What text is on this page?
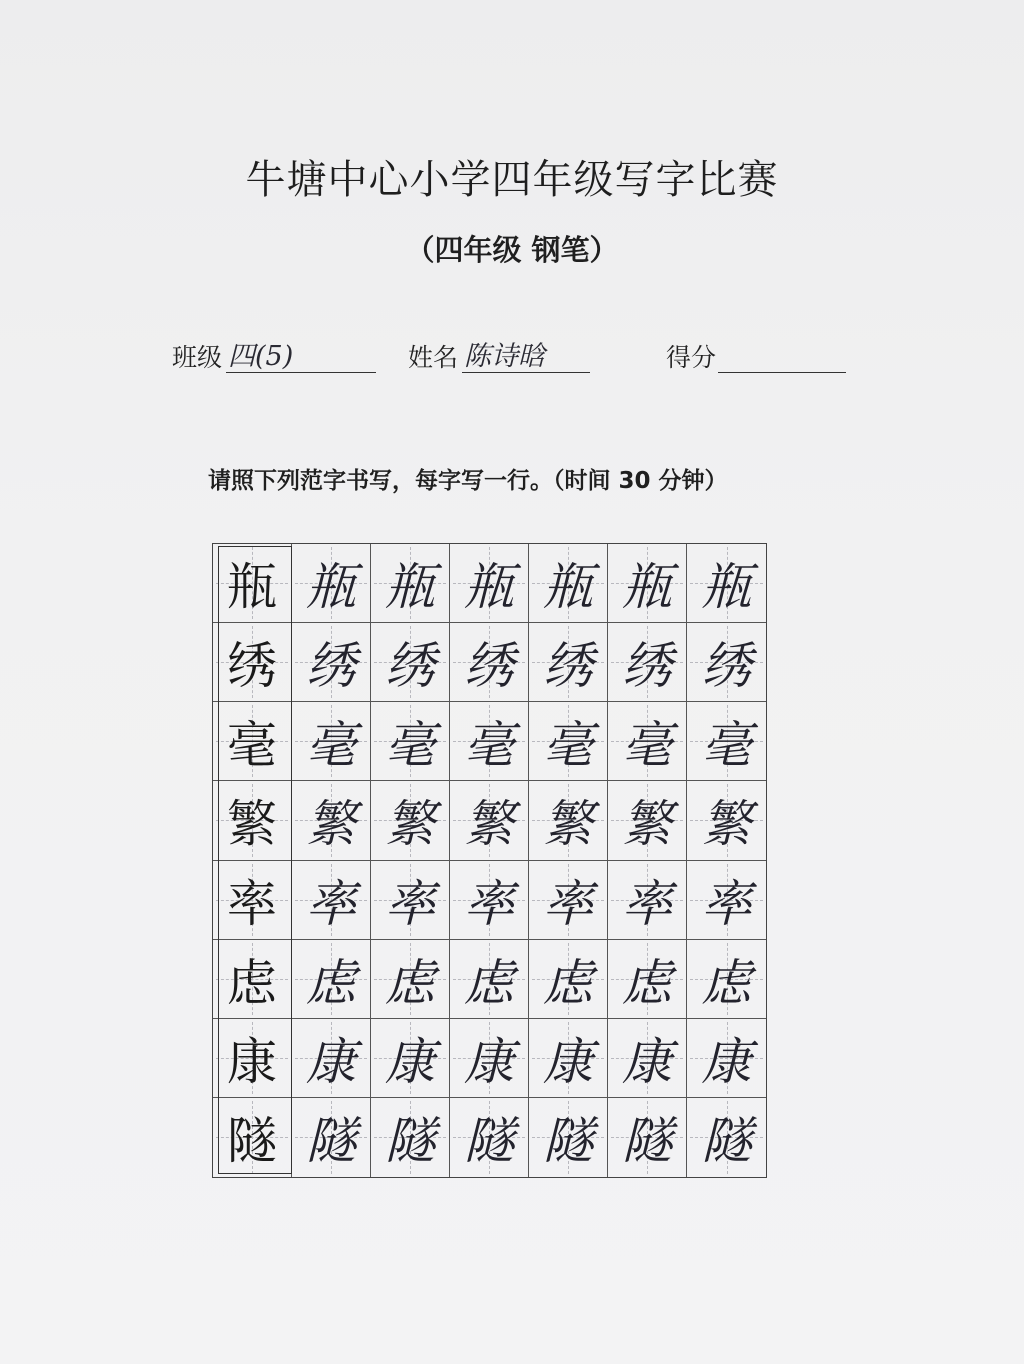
牛塘中心小学四年级写字比赛
（四年级 钢笔）
班级 四(5)	姓名 陈诗晗	得分
请照下列范字书写，每字写一行。（时间 30 分钟）
瓶 瓶 瓶 瓶 瓶 瓶 瓶
绣 绣 绣 绣 绣 绣 绣
毫 毫 毫 毫 毫 毫 毫
繁 繁 繁 繁 繁 繁 繁
率 率 率 率 率 率 率
虑 虑 虑 虑 虑 虑 虑
康 康 康 康 康 康 康
隧 隧 隧 隧 隧 隧 隧
